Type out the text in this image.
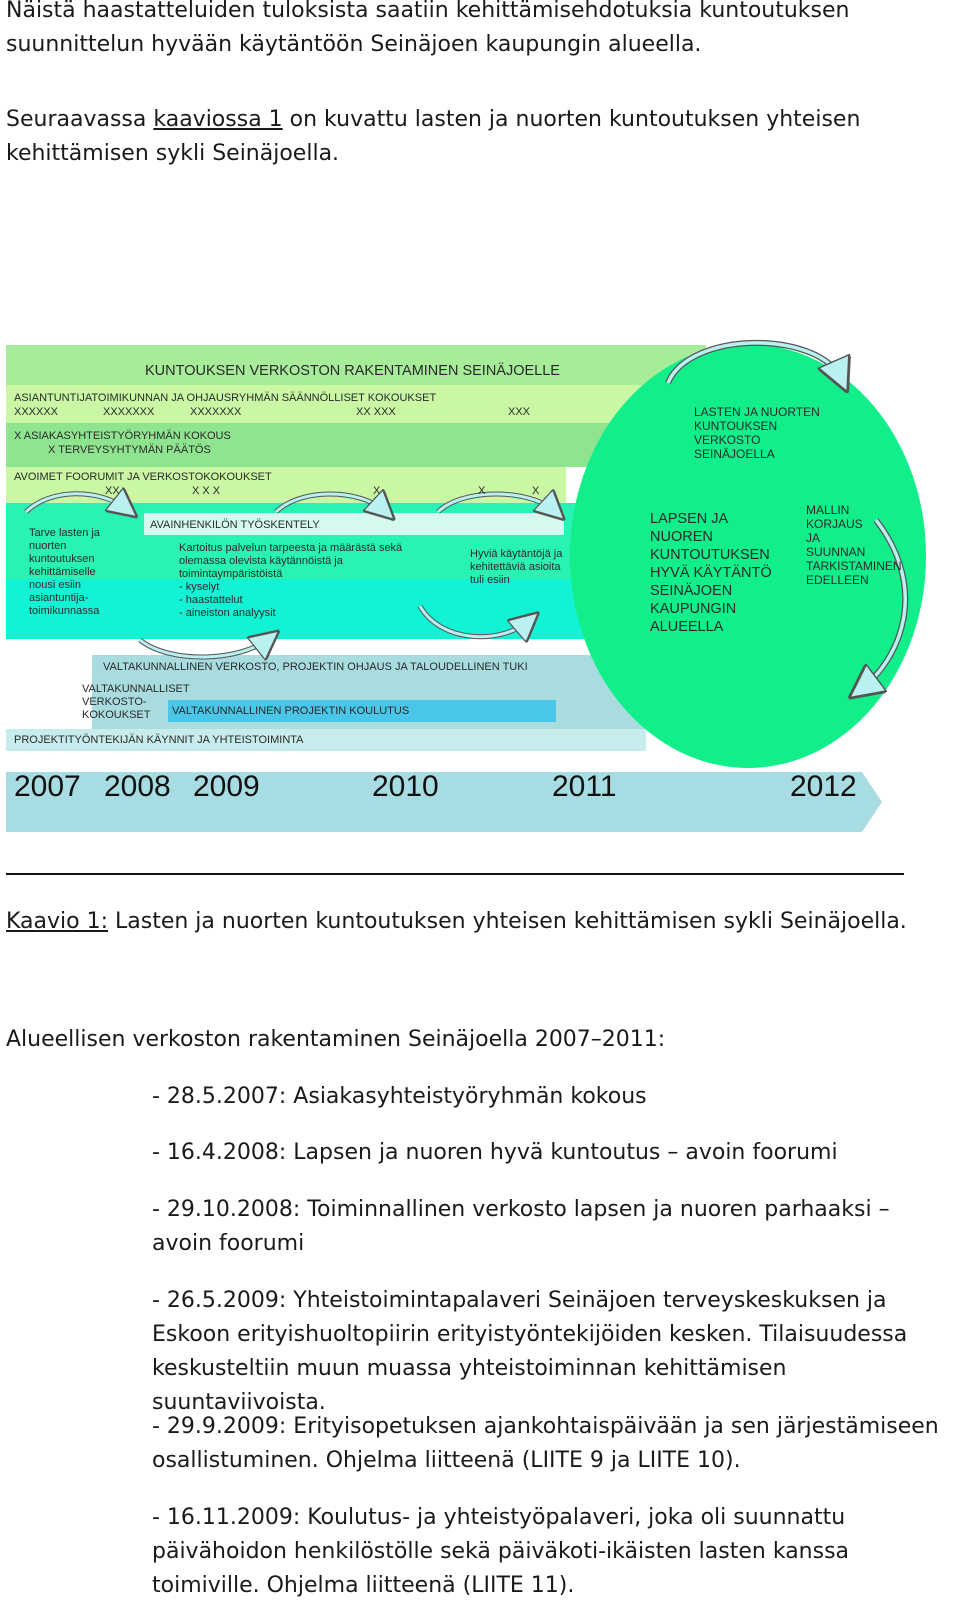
Näistä haastatteluiden tuloksista saatiin kehittämisehdotuksia kuntoutuksen suunnittelun hyvään käytäntöön Seinäjoen kaupungin alueella.
Seuraavassa kaaviossa 1 on kuvattu lasten ja nuorten kuntoutuksen yhteisen kehittämisen sykli Seinäjoella.
KUNTOUKSEN VERKOSTON RAKENTAMINEN SEINÄJOELLE
ASIANTUNTIJATOIMIKUNNAN JA OHJAUSRYHMÄN SÄÄNNÖLLISET KOKOUKSET
XXXXXX	XXXXXXX	XXXXXXX	XX XXX	XXX
X ASIAKASYHTEISTYÖRYHMÄN KOKOUS
X TERVEYSYHTYMÄN PÄÄTÖS
AVOIMET FOORUMIT JA VERKOSTOKOKOUKSET
XX	X X X	X	X	X
Tarve lasten ja
nuorten
kuntoutuksen
kehittämiselle
nousi esiin
asiantuntija-
toimikunnassa
AVAINHENKILÖN TYÖSKENTELY
Kartoitus palvelun tarpeesta ja määrästä sekä
olemassa olevista käytännöistä ja
toimintaympäristöistä
- kyselyt
- haastattelut
- aineiston analyysit
Hyviä käytäntöjä ja
kehitettäviä asioita
tuli esiin
LASTEN JA NUORTEN
KUNTOUKSEN
VERKOSTO
SEINÄJOELLA
LAPSEN JA
NUOREN
KUNTOUTUKSEN
HYVÄ KÄYTÄNTÖ
SEINÄJOEN
KAUPUNGIN
ALUEELLA
MALLIN
KORJAUS
JA
SUUNNAN
TARKISTAMINEN
EDELLEEN
VALTAKUNNALLINEN VERKOSTO, PROJEKTIN OHJAUS JA TALOUDELLINEN TUKI
VALTAKUNNALLISET
VERKOSTO-
KOKOUKSET	VALTAKUNNALLINEN PROJEKTIN KOULUTUS
PROJEKTITYÖNTEKIJÄN KÄYNNIT JA YHTEISTOIMINTA
2007 2008 2009	2010	2011	2012
Kaavio 1: Lasten ja nuorten kuntoutuksen yhteisen kehittämisen sykli Seinäjoella.
Alueellisen verkoston rakentaminen Seinäjoella 2007–2011:
- 28.5.2007: Asiakasyhteistyöryhmän kokous
- 16.4.2008: Lapsen ja nuoren hyvä kuntoutus – avoin foorumi
- 29.10.2008: Toiminnallinen verkosto lapsen ja nuoren parhaaksi – avoin foorumi
- 26.5.2009: Yhteistoimintapalaveri Seinäjoen terveyskeskuksen ja Eskoon erityishuoltopiirin erityistyöntekijöiden kesken. Tilaisuudessa keskusteltiin muun muassa yhteistoiminnan kehittämisen suuntaviivoista.
- 29.9.2009: Erityisopetuksen ajankohtaispäivään ja sen järjestämiseen osallistuminen. Ohjelma liitteenä (LIITE 9 ja LIITE 10).
- 16.11.2009: Koulutus- ja yhteistyöpalaveri, joka oli suunnattu päivähoidon henkilöstölle sekä päiväkoti-ikäisten lasten kanssa toimiville. Ohjelma liitteenä (LIITE 11).
